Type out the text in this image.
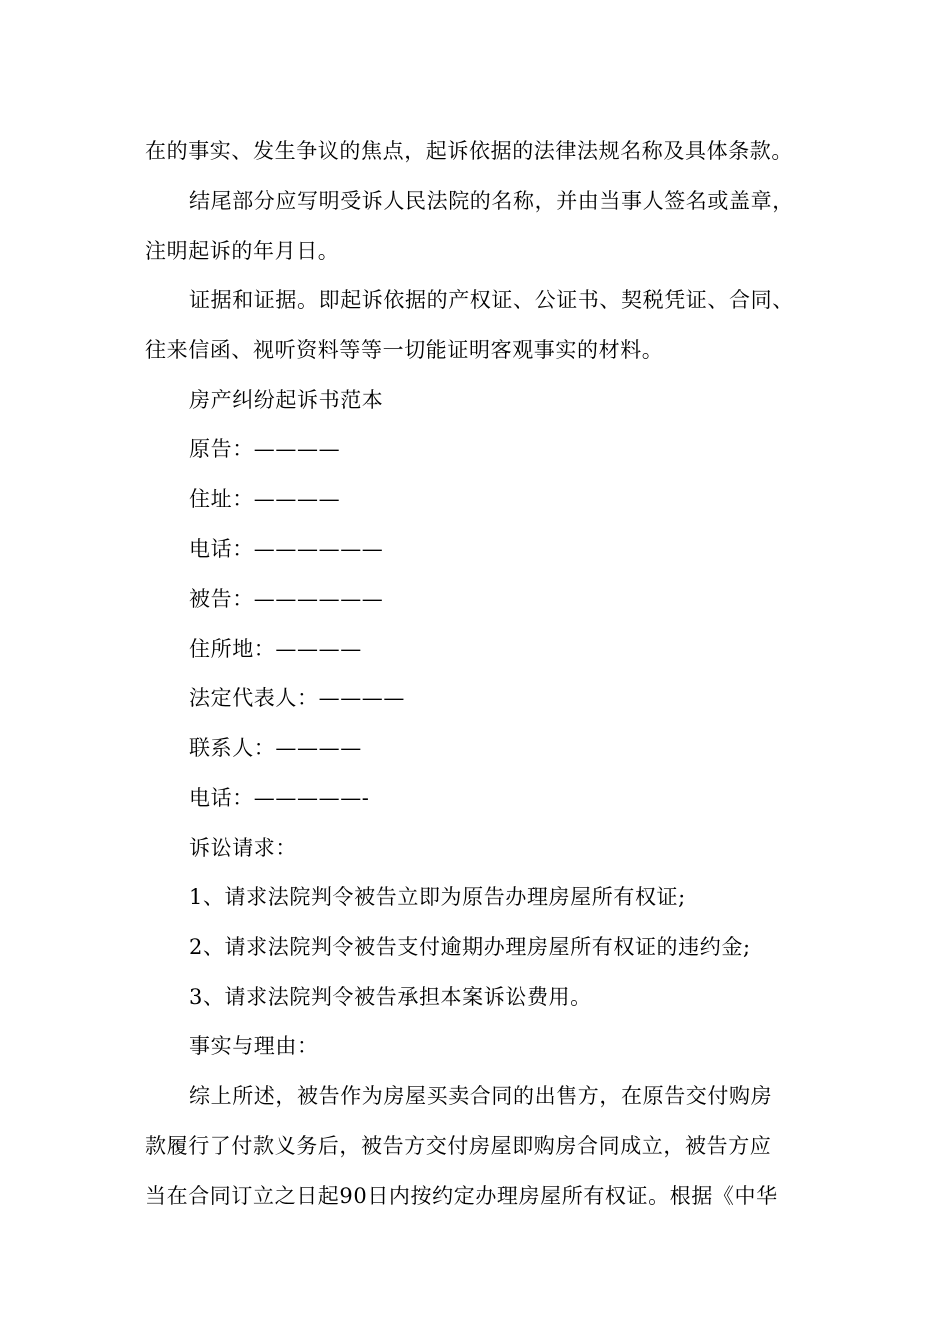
在的事实、发生争议的焦点，起诉依据的法律法规名称及具体条款。
结尾部分应写明受诉人民法院的名称，并由当事人签名或盖章，
注明起诉的年月日。
证据和证据。即起诉依据的产权证、公证书、契税凭证、合同、
往来信函、视听资料等等一切能证明客观事实的材料。
房产纠纷起诉书范本
原告：————
住址：————
电话：——————
被告：——————
住所地：————
法定代表人：————
联系人：————
电话：—————-
诉讼请求：
1、请求法院判令被告立即为原告办理房屋所有权证;
2、请求法院判令被告支付逾期办理房屋所有权证的违约金;
3、请求法院判令被告承担本案诉讼费用。
事实与理由：
综上所述，被告作为房屋买卖合同的出售方，在原告交付购房
款履行了付款义务后，被告方交付房屋即购房合同成立，被告方应
当在合同订立之日起90日内按约定办理房屋所有权证。根据《中华
